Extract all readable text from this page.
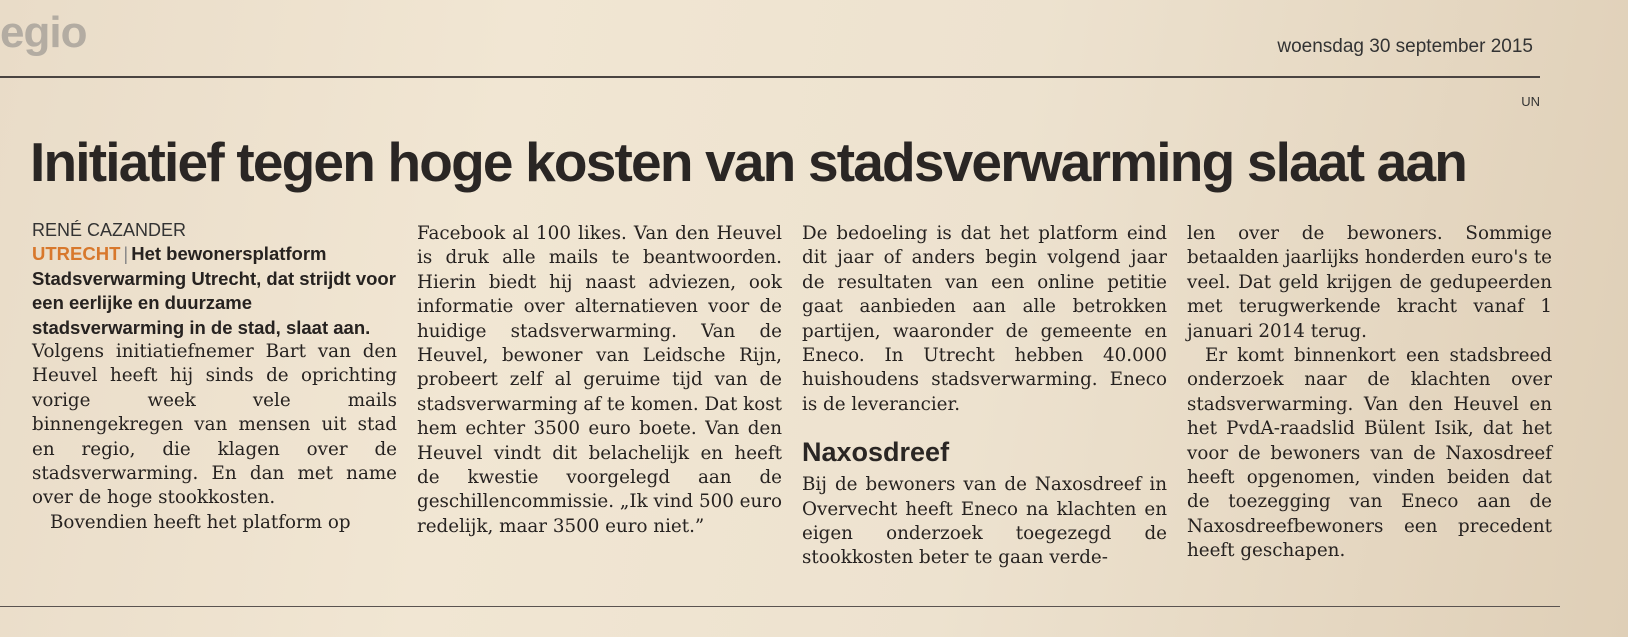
egio	woensdag 30 september 2015
UN
Initiatief tegen hoge kosten van stadsverwarming slaat aan
RENÉ CAZANDER

UTRECHT | Het bewonersplatform Stadsverwarming Utrecht, dat strijdt voor een eerlijke en duurzame stadsverwarming in de stad, slaat aan.

Volgens initiatiefnemer Bart van den Heuvel heeft hij sinds de oprichting vorige week vele mails binnengekregen van mensen uit stad en regio, die klagen over de stadsverwarming. En dan met name over de hoge stookkosten.

Bovendien heeft het platform op

Facebook al 100 likes. Van den Heuvel is druk alle mails te beantwoorden. Hierin biedt hij naast adviezen, ook informatie over alternatieven voor de huidige stadsverwarming. Van de Heuvel, bewoner van Leidsche Rijn, probeert zelf al geruime tijd van de stadsverwarming af te komen. Dat kost hem echter 3500 euro boete. Van den Heuvel vindt dit belachelijk en heeft de kwestie voorgelegd aan de geschillencommissie. „Ik vind 500 euro redelijk, maar 3500 euro niet.”

De bedoeling is dat het platform eind dit jaar of anders begin volgend jaar de resultaten van een online petitie gaat aanbieden aan alle betrokken partijen, waaronder de gemeente en Eneco. In Utrecht hebben 40.000 huishoudens stadsverwarming. Eneco is de leverancier.

Naxosdreef

Bij de bewoners van de Naxosdreef in Overvecht heeft Eneco na klachten en eigen onderzoek toegezegd de stookkosten beter te gaan verde-

len over de bewoners. Sommige betaalden jaarlijks honderden euro's te veel. Dat geld krijgen de gedupeerden met terugwerkende kracht vanaf 1 januari 2014 terug.

Er komt binnenkort een stadsbreed onderzoek naar de klachten over stadsverwarming. Van den Heuvel en het PvdA-raadslid Bülent Isik, dat het voor de bewoners van de Naxosdreef heeft opgenomen, vinden beiden dat de toezegging van Eneco aan de Naxosdreefbewoners een precedent heeft geschapen.
